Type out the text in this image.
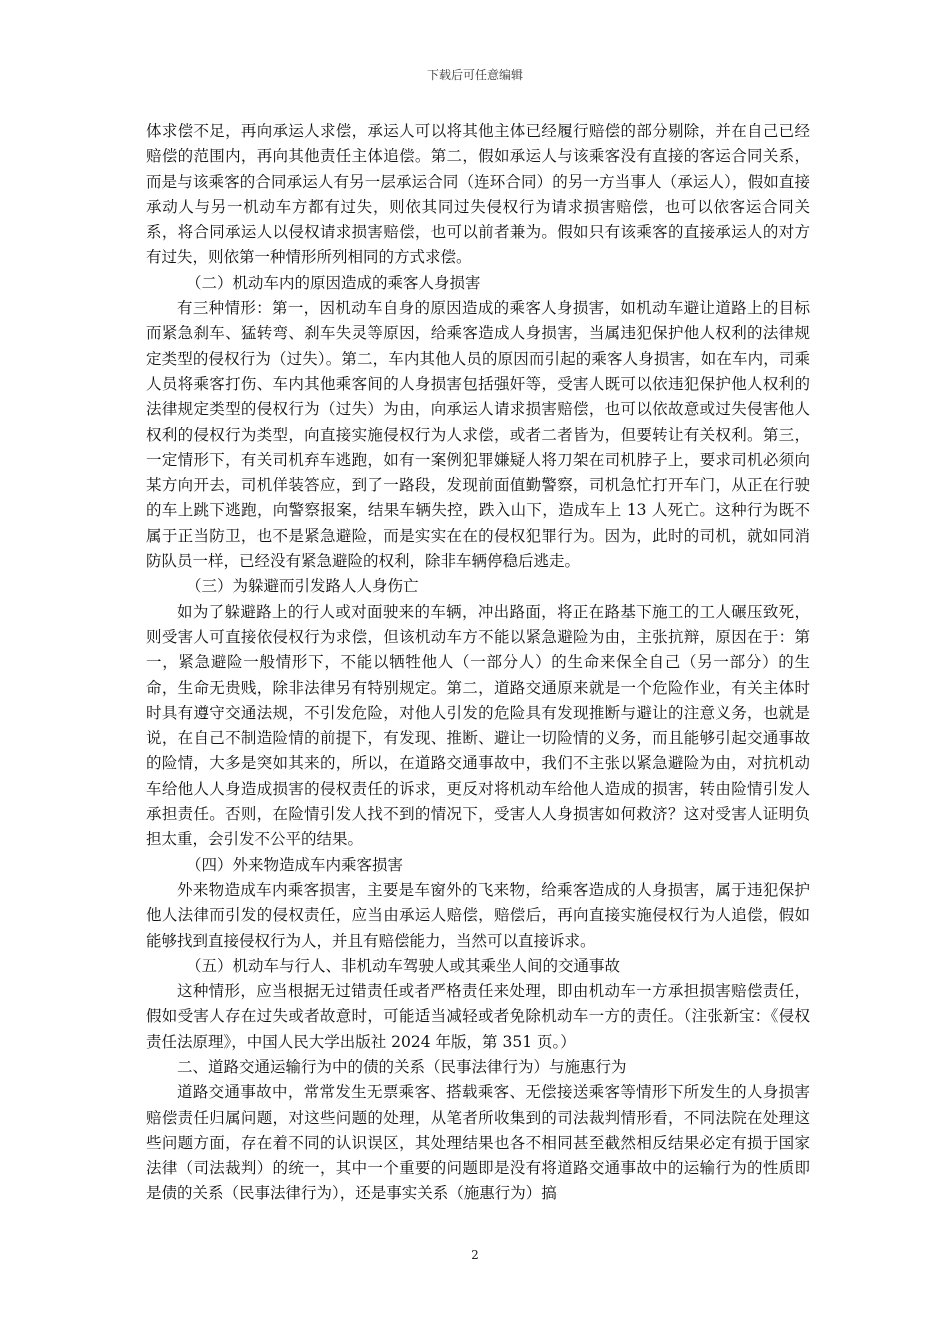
下载后可任意编辑

体求偿不足，再向承运人求偿，承运人可以将其他主体已经履行赔偿的部分剔除，并在自己已经赔偿的范围内，再向其他责任主体追偿。第二，假如承运人与该乘客没有直接的客运合同关系，而是与该乘客的合同承运人有另一层承运合同（连环合同）的另一方当事人（承运人），假如直接承动人与另一机动车方都有过失，则依其同过失侵权行为请求损害赔偿，也可以依客运合同关系，将合同承运人以侵权请求损害赔偿，也可以前者兼为。假如只有该乘客的直接承运人的对方有过失，则依第一种情形所列相同的方式求偿。

（二）机动车内的原因造成的乘客人身损害

有三种情形：第一，因机动车自身的原因造成的乘客人身损害，如机动车避让道路上的目标而紧急刹车、猛转弯、刹车失灵等原因，给乘客造成人身损害，当属违犯保护他人权利的法律规定类型的侵权行为（过失）。第二，车内其他人员的原因而引起的乘客人身损害，如在车内，司乘人员将乘客打伤、车内其他乘客间的人身损害包括强奸等，受害人既可以依违犯保护他人权利的法律规定类型的侵权行为（过失）为由，向承运人请求损害赔偿，也可以依故意或过失侵害他人权利的侵权行为类型，向直接实施侵权行为人求偿，或者二者皆为，但要转让有关权利。第三，一定情形下，有关司机弃车逃跑，如有一案例犯罪嫌疑人将刀架在司机脖子上，要求司机必须向某方向开去，司机佯装答应，到了一路段，发现前面值勤警察，司机急忙打开车门，从正在行驶的车上跳下逃跑，向警察报案，结果车辆失控，跌入山下，造成车上 13 人死亡。这种行为既不属于正当防卫，也不是紧急避险，而是实实在在的侵权犯罪行为。因为，此时的司机，就如同消防队员一样，已经没有紧急避险的权利，除非车辆停稳后逃走。

（三）为躲避而引发路人人身伤亡

如为了躲避路上的行人或对面驶来的车辆，冲出路面，将正在路基下施工的工人碾压致死，则受害人可直接依侵权行为求偿，但该机动车方不能以紧急避险为由，主张抗辩，原因在于：第一，紧急避险一般情形下，不能以牺牲他人（一部分人）的生命来保全自己（另一部分）的生命，生命无贵贱，除非法律另有特别规定。第二，道路交通原来就是一个危险作业，有关主体时时具有遵守交通法规，不引发危险，对他人引发的危险具有发现推断与避让的注意义务，也就是说，在自己不制造险情的前提下，有发现、推断、避让一切险情的义务，而且能够引起交通事故的险情，大多是突如其来的，所以，在道路交通事故中，我们不主张以紧急避险为由，对抗机动车给他人人身造成损害的侵权责任的诉求，更反对将机动车给他人造成的损害，转由险情引发人承担责任。否则，在险情引发人找不到的情况下，受害人人身损害如何救济？这对受害人证明负担太重，会引发不公平的结果。

（四）外来物造成车内乘客损害

外来物造成车内乘客损害，主要是车窗外的飞来物，给乘客造成的人身损害，属于违犯保护他人法律而引发的侵权责任，应当由承运人赔偿，赔偿后，再向直接实施侵权行为人追偿，假如能够找到直接侵权行为人，并且有赔偿能力，当然可以直接诉求。

（五）机动车与行人、非机动车驾驶人或其乘坐人间的交通事故

这种情形，应当根据无过错责任或者严格责任来处理，即由机动车一方承担损害赔偿责任，假如受害人存在过失或者故意时，可能适当减轻或者免除机动车一方的责任。（注张新宝：《侵权责任法原理》，中国人民大学出版社 2024 年版，第 351 页。）

二、道路交通运输行为中的债的关系（民事法律行为）与施惠行为

道路交通事故中，常常发生无票乘客、搭载乘客、无偿接送乘客等情形下所发生的人身损害赔偿责任归属问题，对这些问题的处理，从笔者所收集到的司法裁判情形看，不同法院在处理这些问题方面，存在着不同的认识误区，其处理结果也各不相同甚至截然相反结果必定有损于国家法律（司法裁判）的统一，其中一个重要的问题即是没有将道路交通事故中的运输行为的性质即是债的关系（民事法律行为），还是事实关系（施惠行为）搞

2
